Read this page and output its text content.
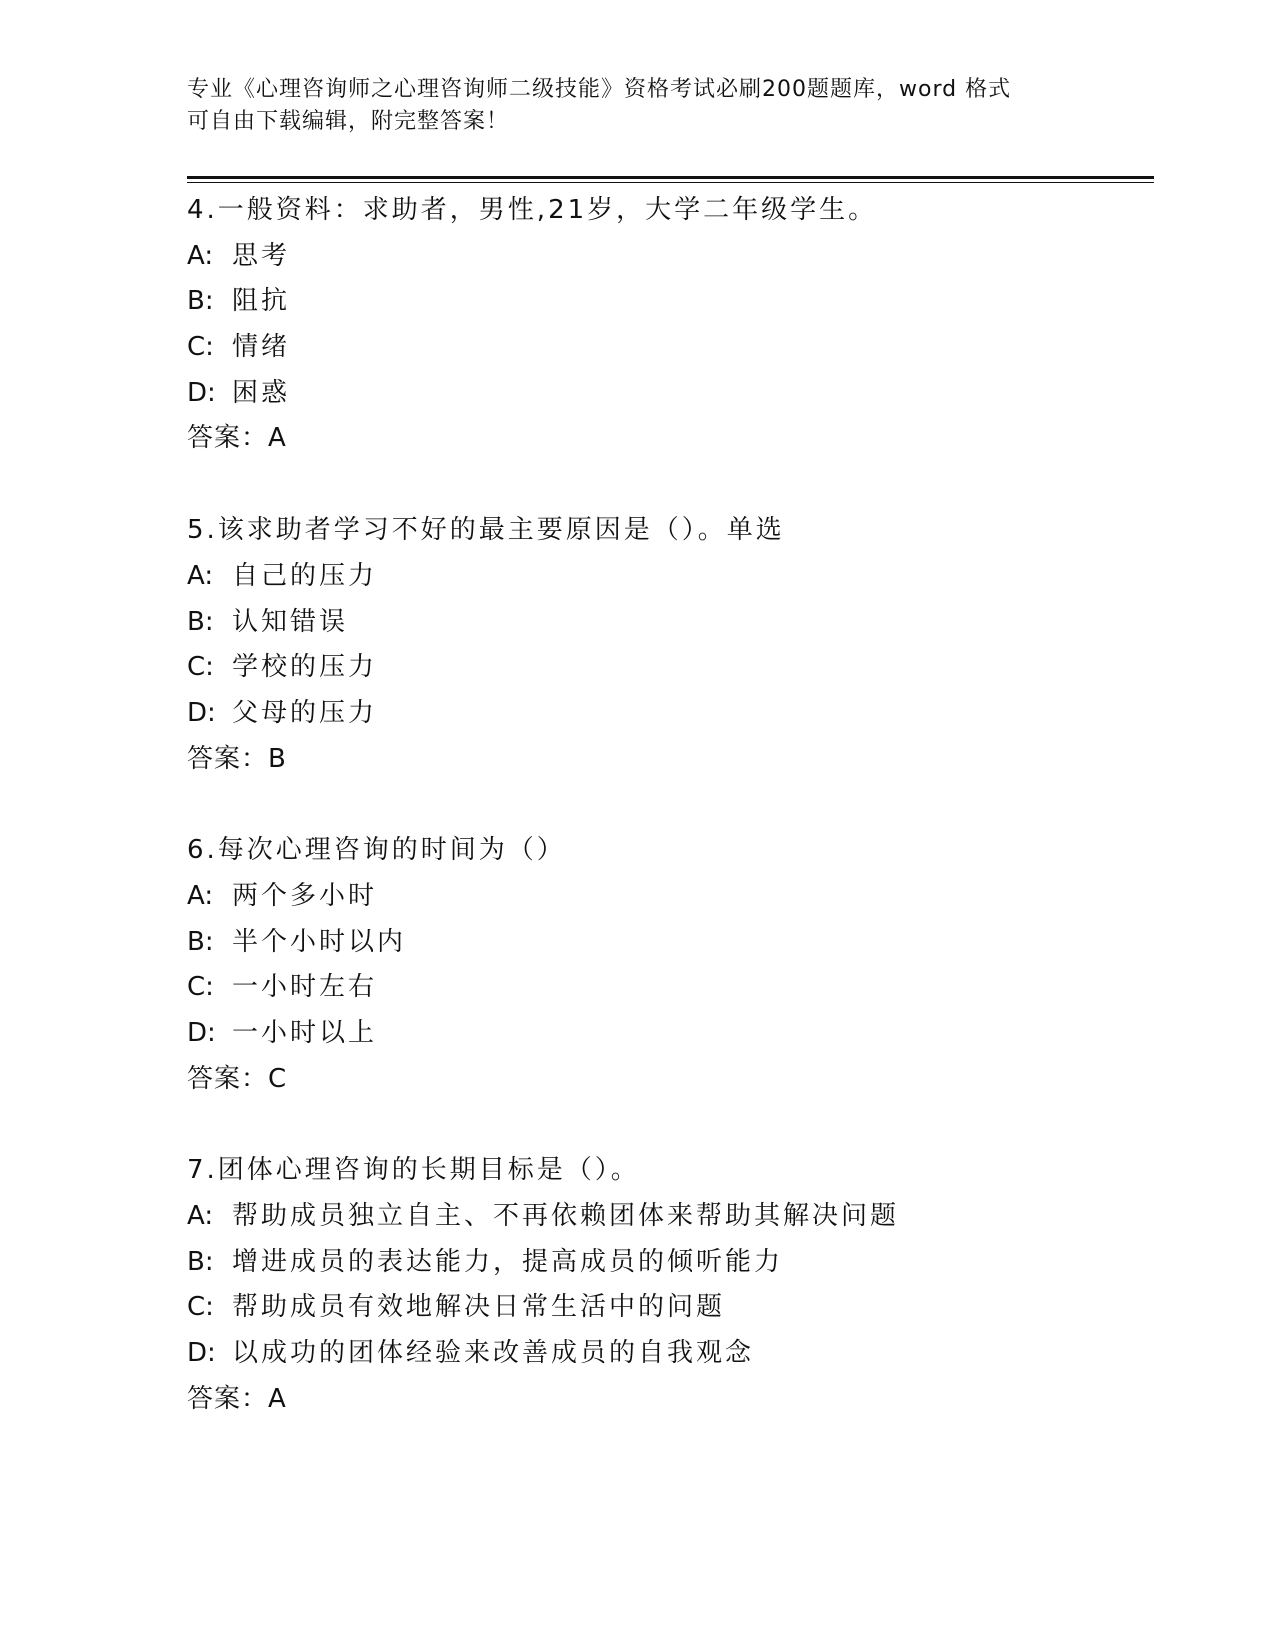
专业《心理咨询师之心理咨询师二级技能》资格考试必刷200题题库，word 格式
可自由下载编辑，附完整答案！
4.一般资料：求助者，男性,21岁，大学二年级学生。
A: 思考
B: 阻抗
C: 情绪
D: 困惑
答案：A
5.该求助者学习不好的最主要原因是（）。单选
A: 自己的压力
B: 认知错误
C: 学校的压力
D: 父母的压力
答案：B
6.每次心理咨询的时间为（）
A: 两个多小时
B: 半个小时以内
C: 一小时左右
D: 一小时以上
答案：C
7.团体心理咨询的长期目标是（）。
A: 帮助成员独立自主、不再依赖团体来帮助其解决问题
B: 增进成员的表达能力，提高成员的倾听能力
C: 帮助成员有效地解决日常生活中的问题
D: 以成功的团体经验来改善成员的自我观念
答案：A
